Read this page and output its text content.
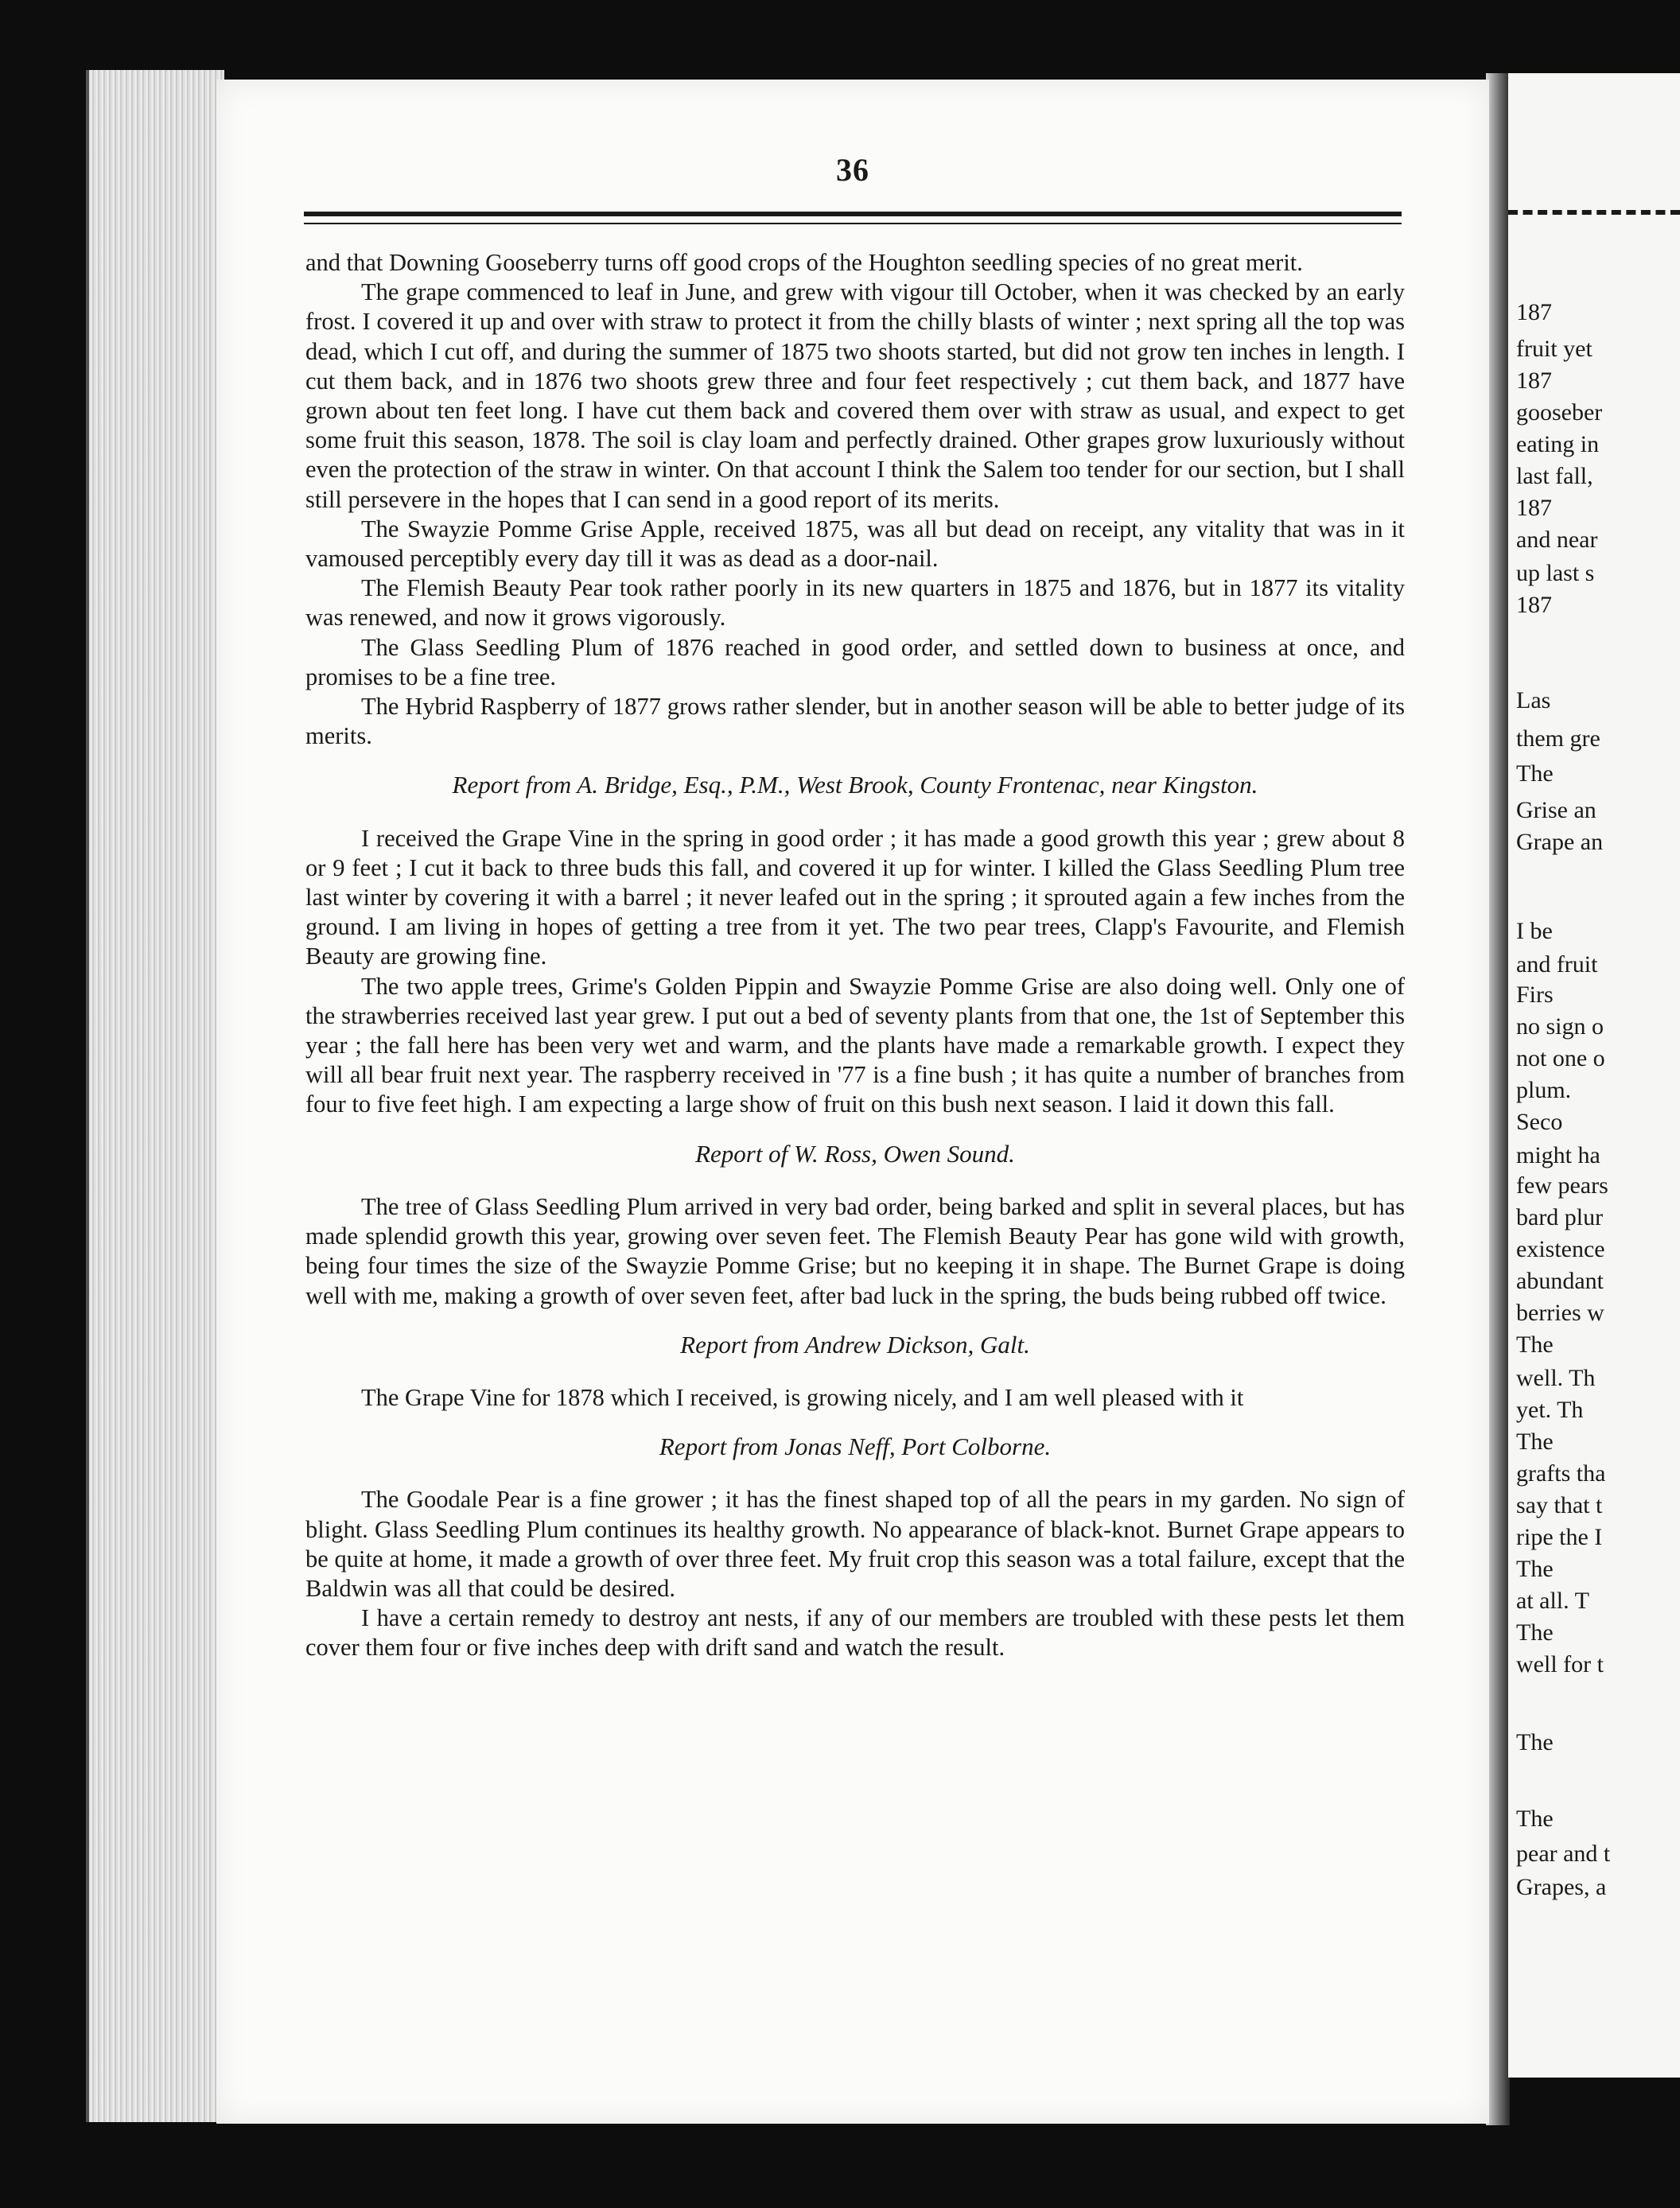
36

and that Downing Gooseberry turns off good crops of the Houghton seedling species of no great merit.

The grape commenced to leaf in June, and grew with vigour till October, when it was checked by an early frost. I covered it up and over with straw to protect it from the chilly blasts of winter ; next spring all the top was dead, which I cut off, and during the summer of 1875 two shoots started, but did not grow ten inches in length. I cut them back, and in 1876 two shoots grew three and four feet respectively ; cut them back, and 1877 have grown about ten feet long. I have cut them back and covered them over with straw as usual, and expect to get some fruit this season, 1878. The soil is clay loam and perfectly drained. Other grapes grow luxuriously without even the protection of the straw in winter. On that account I think the Salem too tender for our section, but I shall still persevere in the hopes that I can send in a good report of its merits.

The Swayzie Pomme Grise Apple, received 1875, was all but dead on receipt, any vitality that was in it vamoused perceptibly every day till it was as dead as a door-nail.

The Flemish Beauty Pear took rather poorly in its new quarters in 1875 and 1876, but in 1877 its vitality was renewed, and now it grows vigorously.

The Glass Seedling Plum of 1876 reached in good order, and settled down to business at once, and promises to be a fine tree.

The Hybrid Raspberry of 1877 grows rather slender, but in another season will be able to better judge of its merits.

Report from A. Bridge, Esq., P.M., West Brook, County Frontenac, near Kingston.

I received the Grape Vine in the spring in good order ; it has made a good growth this year ; grew about 8 or 9 feet ; I cut it back to three buds this fall, and covered it up for winter. I killed the Glass Seedling Plum tree last winter by covering it with a barrel ; it never leafed out in the spring ; it sprouted again a few inches from the ground. I am living in hopes of getting a tree from it yet. The two pear trees, Clapp's Favourite, and Flemish Beauty are growing fine.

The two apple trees, Grime's Golden Pippin and Swayzie Pomme Grise are also doing well. Only one of the strawberries received last year grew. I put out a bed of seventy plants from that one, the 1st of September this year ; the fall here has been very wet and warm, and the plants have made a remarkable growth. I expect they will all bear fruit next year. The raspberry received in '77 is a fine bush ; it has quite a number of branches from four to five feet high. I am expecting a large show of fruit on this bush next season. I laid it down this fall.

Report of W. Ross, Owen Sound.

The tree of Glass Seedling Plum arrived in very bad order, being barked and split in several places, but has made splendid growth this year, growing over seven feet. The Flemish Beauty Pear has gone wild with growth, being four times the size of the Swayzie Pomme Grise; but no keeping it in shape. The Burnet Grape is doing well with me, making a growth of over seven feet, after bad luck in the spring, the buds being rubbed off twice.

Report from Andrew Dickson, Galt.

The Grape Vine for 1878 which I received, is growing nicely, and I am well pleased with it

Report from Jonas Neff, Port Colborne.

The Goodale Pear is a fine grower ; it has the finest shaped top of all the pears in my garden. No sign of blight. Glass Seedling Plum continues its healthy growth. No appearance of black-knot. Burnet Grape appears to be quite at home, it made a growth of over three feet. My fruit crop this season was a total failure, except that the Baldwin was all that could be desired.

I have a certain remedy to destroy ant nests, if any of our members are troubled with these pests let them cover them four or five inches deep with drift sand and watch the result.

187
fruit yet
187
gooseber
eating in
last fall,
187
and near
up last s
187
Las
them gre
The
Grise an
Grape an
I be
and fruit
Firs
no sign o
not one o
plum.
Seco
might ha
few pears
bard plur
existence
abundant
berries w
The
well. Th
yet. Th
The
grafts tha
say that t
ripe the I
The
at all. T
The
well for t
The
The
pear and t
Grapes, a
